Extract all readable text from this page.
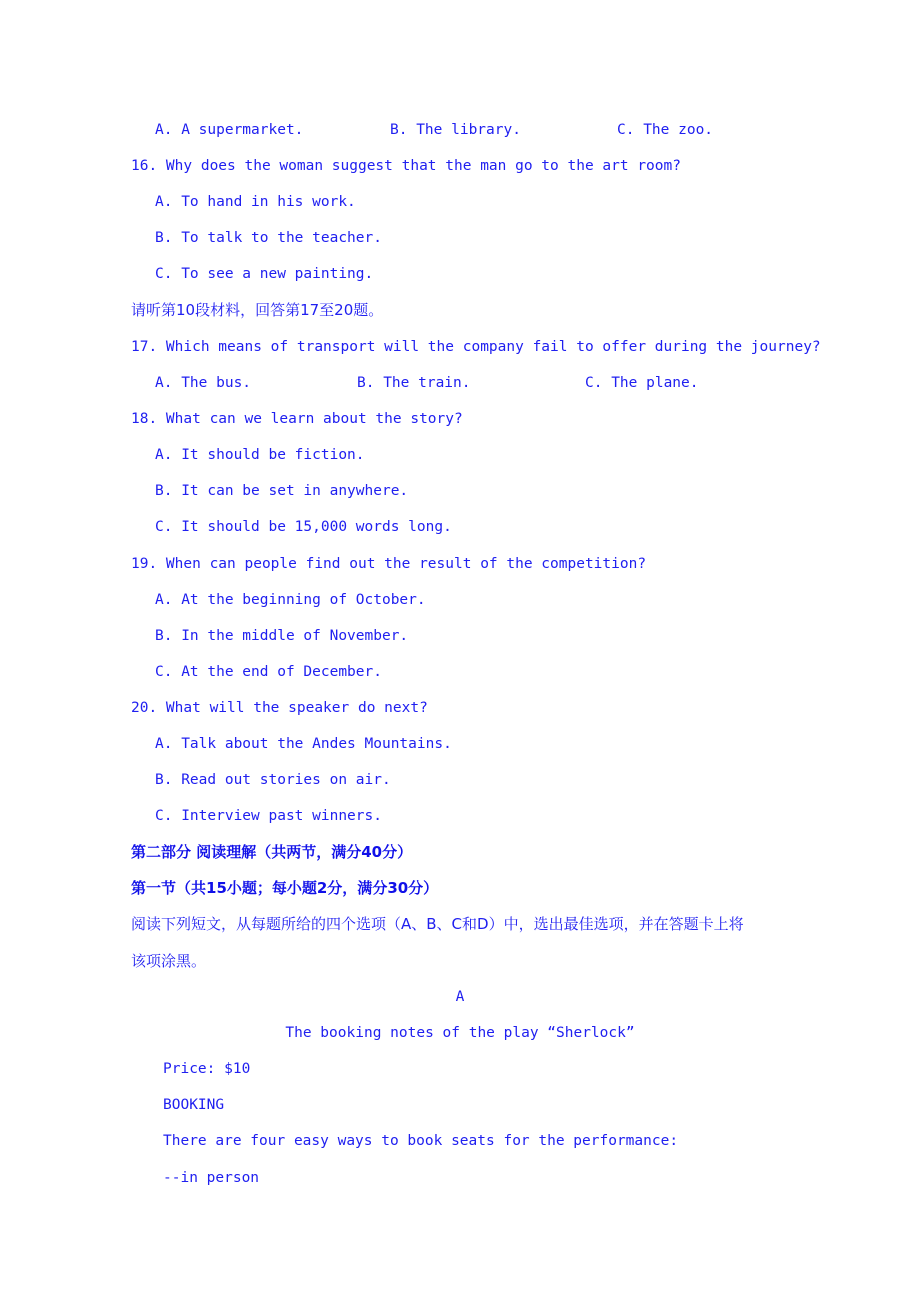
A. A supermarket.	B. The library.	C. The zoo.
16. Why does the woman suggest that the man go to the art room?
A. To hand in his work.
B. To talk to the teacher.
C. To see a new painting.
请听第10段材料，回答第17至20题。
17. Which means of transport will the company fail to offer during the journey?
A. The bus.	B. The train.	C. The plane.
18. What can we learn about the story?
A. It should be fiction.
B. It can be set in anywhere.
C. It should be 15,000 words long.
19. When can people find out the result of the competition?
A. At the beginning of October.
B. In the middle of November.
C. At the end of December.
20. What will the speaker do next?
A. Talk about the Andes Mountains.
B. Read out stories on air.
C. Interview past winners.
第二部分 阅读理解（共两节，满分40分）
第一节（共15小题；每小题2分，满分30分）
阅读下列短文，从每题所给的四个选项（A、B、C和D）中，选出最佳选项，并在答题卡上将
该项涂黑。
A
The booking notes of the play “Sherlock”
Price: $10
BOOKING
There are four easy ways to book seats for the performance:
--in person
